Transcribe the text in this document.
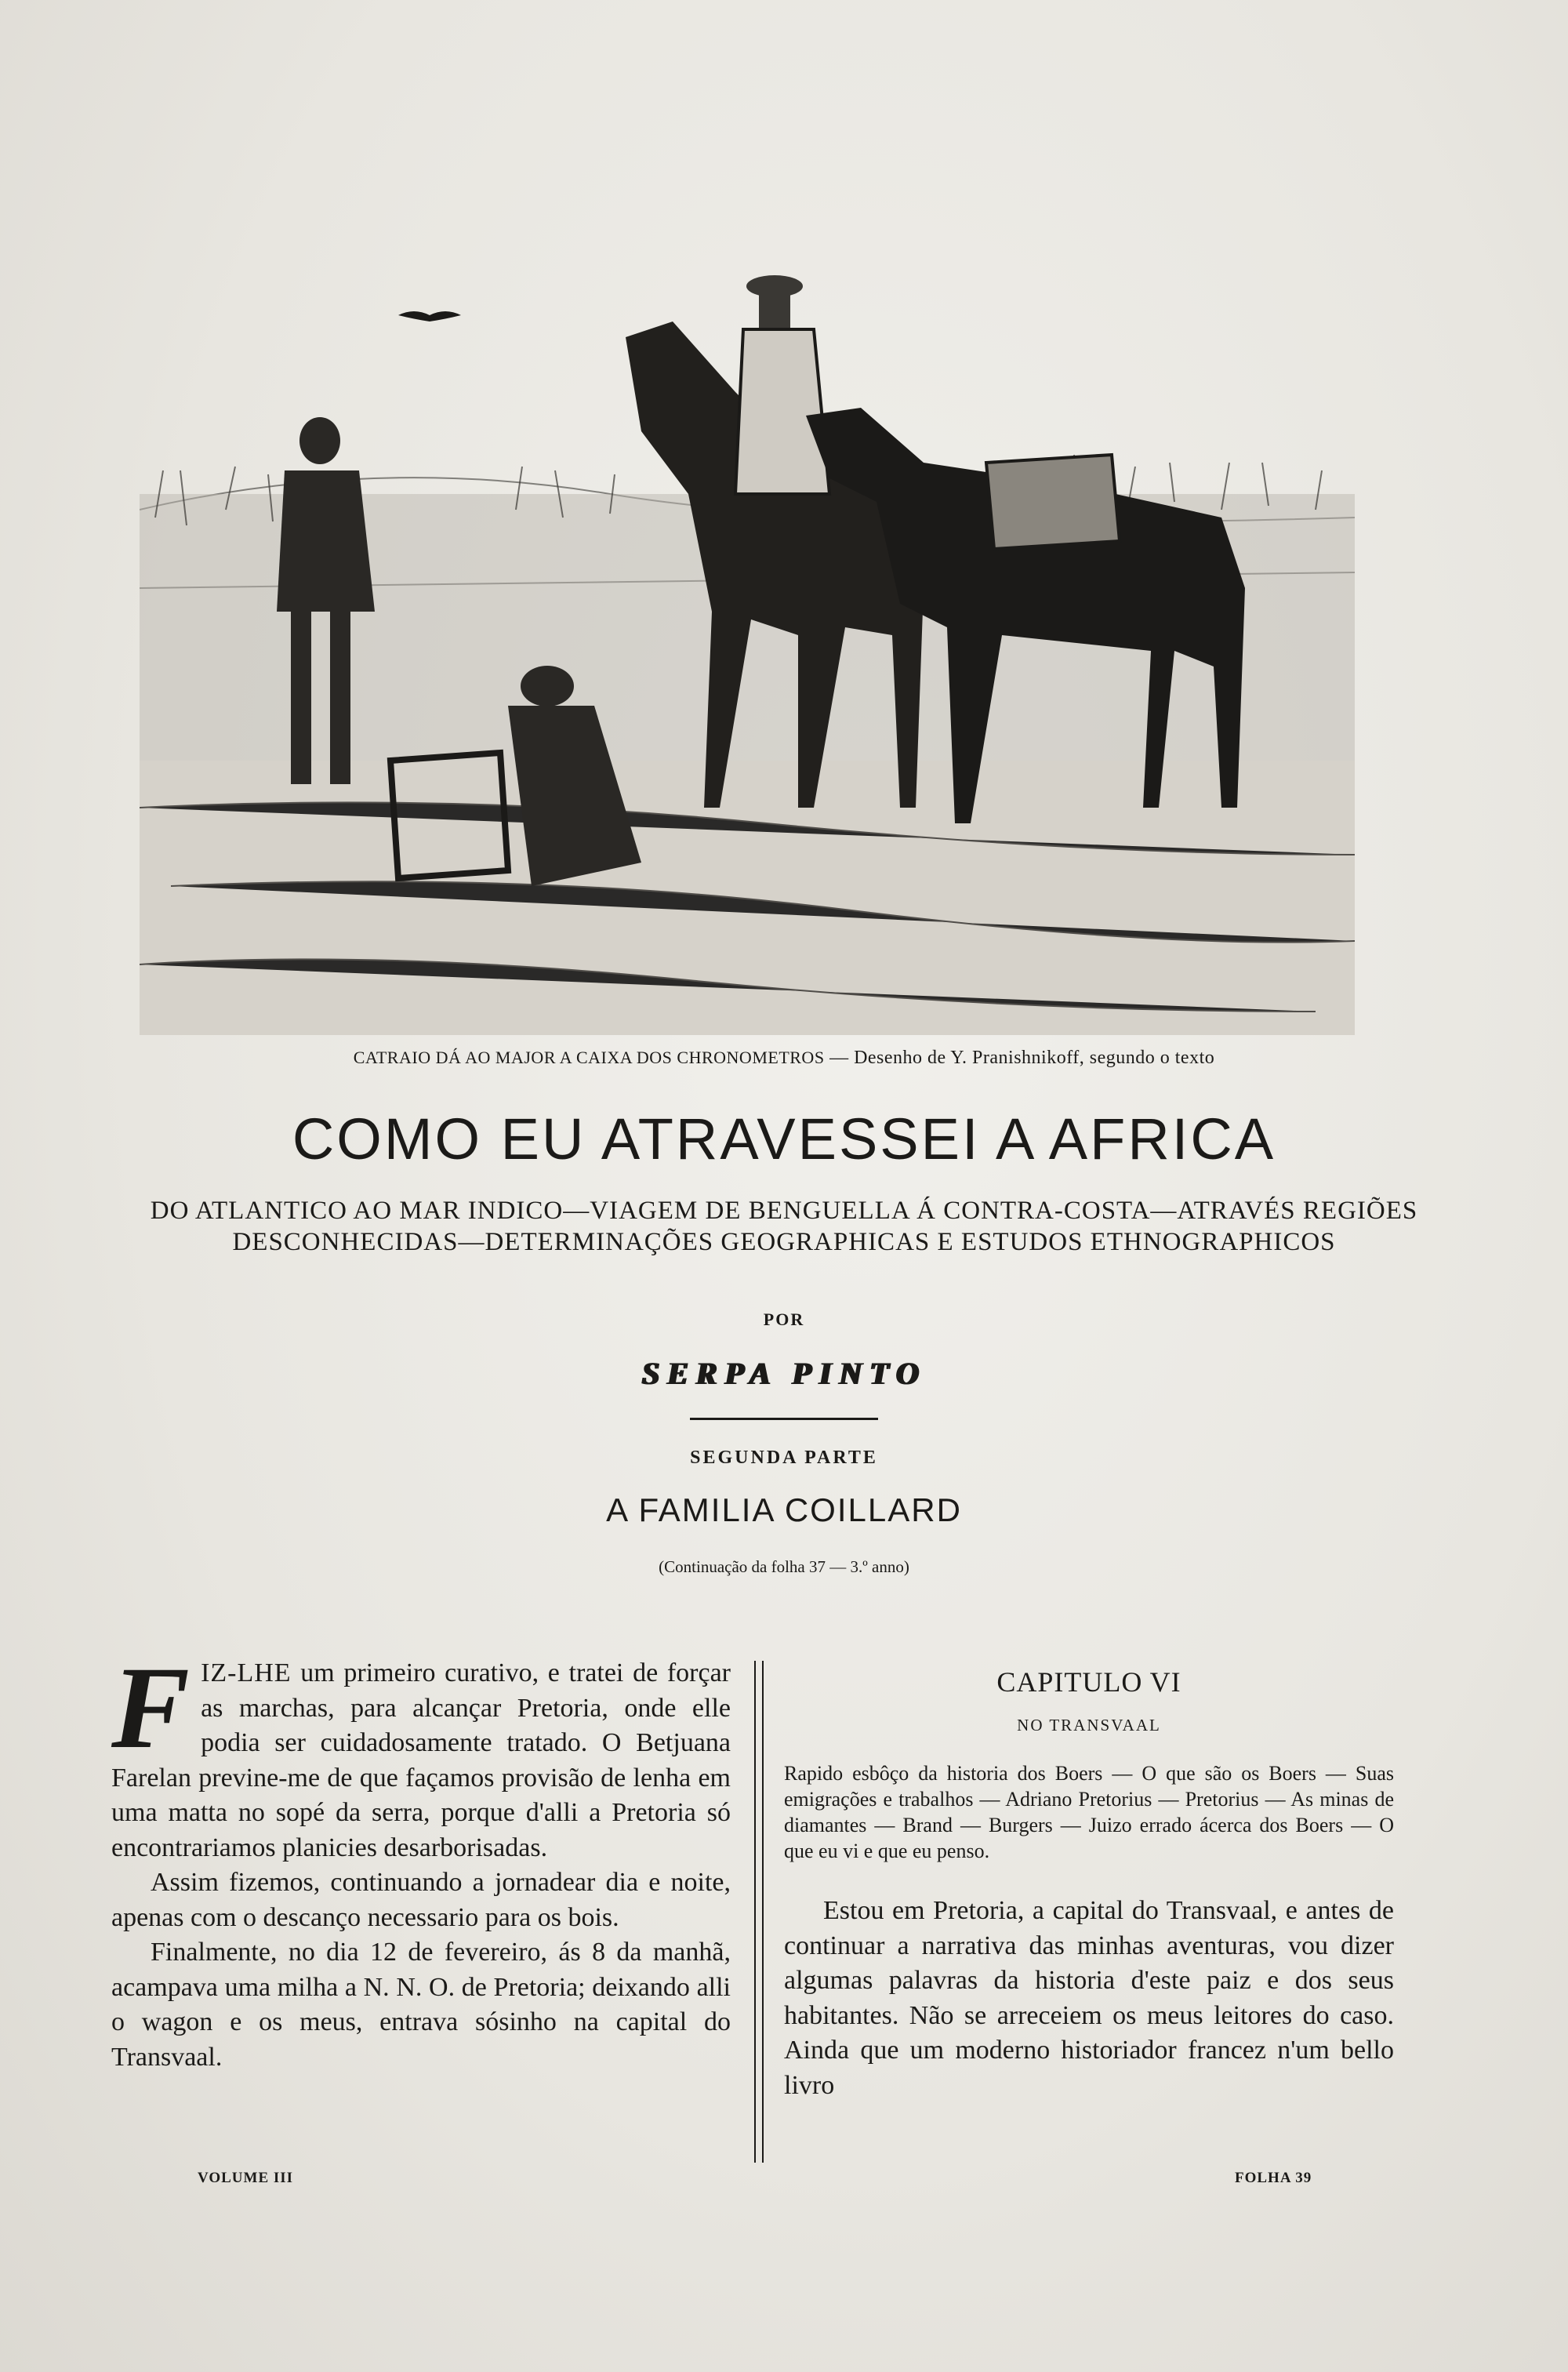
CATRAIO DÁ AO MAJOR A CAIXA DOS CHRONOMETROS — Desenho de Y. Pranishnikoff, segundo o texto
COMO EU ATRAVESSEI A AFRICA
DO ATLANTICO AO MAR INDICO—VIAGEM DE BENGUELLA Á CONTRA-COSTA—ATRAVÉS REGIÕES
DESCONHECIDAS—DETERMINAÇÕES GEOGRAPHICAS E ESTUDOS ETHNOGRAPHICOS
POR
SERPA PINTO
SEGUNDA PARTE
A FAMILIA COILLARD
(Continuação da folha 37 — 3.º anno)

FIZ-LHE um primeiro curativo, e tratei de forçar as marchas, para alcançar Pretoria, onde elle podia ser cuidadosamente tratado. O Betjuana Farelan previne-me de que façamos provisão de lenha em uma matta no sopé da serra, porque d'alli a Pretoria só encontrariamos planicies desarborisadas.

Assim fizemos, continuando a jornadear dia e noite, apenas com o descanço necessario para os bois.

Finalmente, no dia 12 de fevereiro, ás 8 da manhã, acampava uma milha a N. N. O. de Pretoria; deixando alli o wagon e os meus, entrava sósinho na capital do Transvaal.

CAPITULO VI
NO TRANSVAAL

Rapido esbôço da historia dos Boers — O que são os Boers — Suas emigrações e trabalhos — Adriano Pretorius — Pretorius — As minas de diamantes — Brand — Burgers — Juizo errado ácerca dos Boers — O que eu vi e que eu penso.

Estou em Pretoria, a capital do Transvaal, e antes de continuar a narrativa das minhas aventuras, vou dizer algumas palavras da historia d'este paiz e dos seus habitantes. Não se arreceiem os meus leitores do caso. Ainda que um moderno historiador francez n'um bello livro

VOLUME III	FOLHA 39
